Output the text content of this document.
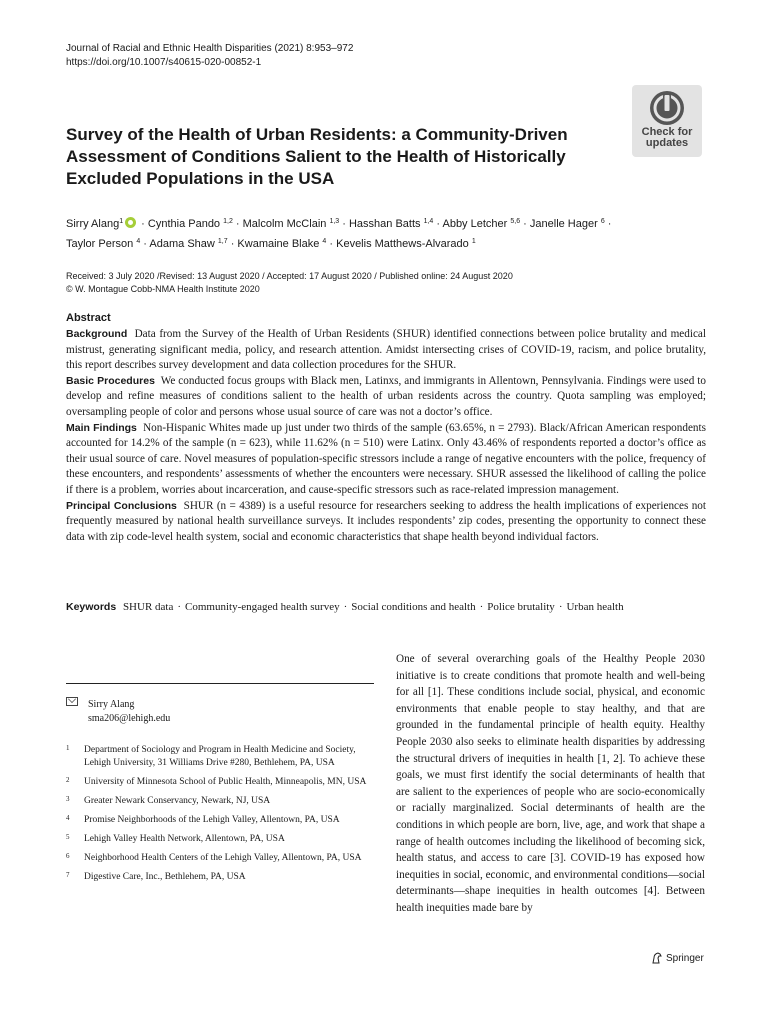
Journal of Racial and Ethnic Health Disparities (2021) 8:953–972
https://doi.org/10.1007/s40615-020-00852-1
Check for
updates
Survey of the Health of Urban Residents: a Community-Driven Assessment of Conditions Salient to the Health of Historically Excluded Populations in the USA
Sirry Alang$^1$ · Cynthia Pando $^{1,2}$ · Malcolm McClain $^{1,3}$ · Hasshan Batts $^{1,4}$ · Abby Letcher $^{5,6}$ · Janelle Hager $^6$ ·
Taylor Person $^4$ · Adama Shaw $^{1,7}$ · Kwamaine Blake $^4$ · Kevelis Matthews-Alvarado $^1$
Received: 3 July 2020 /Revised: 13 August 2020 / Accepted: 17 August 2020 / Published online: 24 August 2020
© W. Montague Cobb-NMA Health Institute 2020
Abstract

Background Data from the Survey of the Health of Urban Residents (SHUR) identified connections between police brutality and medical mistrust, generating significant media, policy, and research attention. Amidst intersecting crises of COVID-19, racism, and police brutality, this report describes survey development and data collection procedures for the SHUR.

Basic Procedures We conducted focus groups with Black men, Latinxs, and immigrants in Allentown, Pennsylvania. Findings were used to develop and refine measures of conditions salient to the health of urban residents across the country. Quota sampling was employed; oversampling people of color and persons whose usual source of care was not a doctor’s office.

Main Findings Non-Hispanic Whites made up just under two thirds of the sample (63.65%, n = 2793). Black/African American respondents accounted for 14.2% of the sample (n = 623), while 11.62% (n = 510) were Latinx. Only 43.46% of respondents reported a doctor’s office as their usual source of care. Novel measures of population-specific stressors include a range of negative encounters with the police, frequency of these encounters, and respondents’ assessments of whether the encounters were necessary. SHUR assessed the likelihood of calling the police if there is a problem, worries about incarceration, and cause-specific stressors such as race-related impression management.

Principal Conclusions SHUR (n = 4389) is a useful resource for researchers seeking to address the health implications of experiences not frequently measured by national health surveillance surveys. It includes respondents’ zip codes, presenting the opportunity to connect these data with zip code-level health system, social and economic characteristics that shape health beyond individual factors.

Keywords SHUR data · Community-engaged health survey · Social conditions and health · Police brutality · Urban health
Sirry Alang
sma206@lehigh.edu
1	Department of Sociology and Program in Health Medicine and Society, Lehigh University, 31 Williams Drive #280, Bethlehem, PA, USA
2	University of Minnesota School of Public Health, Minneapolis, MN, USA
3	Greater Newark Conservancy, Newark, NJ, USA
4	Promise Neighborhoods of the Lehigh Valley, Allentown, PA, USA
5	Lehigh Valley Health Network, Allentown, PA, USA
6	Neighborhood Health Centers of the Lehigh Valley, Allentown, PA, USA
7	Digestive Care, Inc., Bethlehem, PA, USA

One of several overarching goals of the Healthy People 2030 initiative is to create conditions that promote health and well-being for all [1]. These conditions include social, physical, and economic environments that enable people to stay healthy, and that are grounded in the fundamental principle of health equity. Healthy People 2030 also seeks to eliminate health disparities by addressing the structural drivers of inequities in health [1, 2]. To achieve these goals, we must first identify the social determinants of health that are salient to the experiences of people who are socio-economically or racially marginalized. Social determinants of health are the conditions in which people are born, live, age, and work that shape a range of health outcomes including the likelihood of becoming sick, health status, and access to care [3]. COVID-19 has exposed how inequities in social, economic, and environmental conditions—social determinants—shape inequities in health outcomes [4]. Between health inequities made bare by

Springer
